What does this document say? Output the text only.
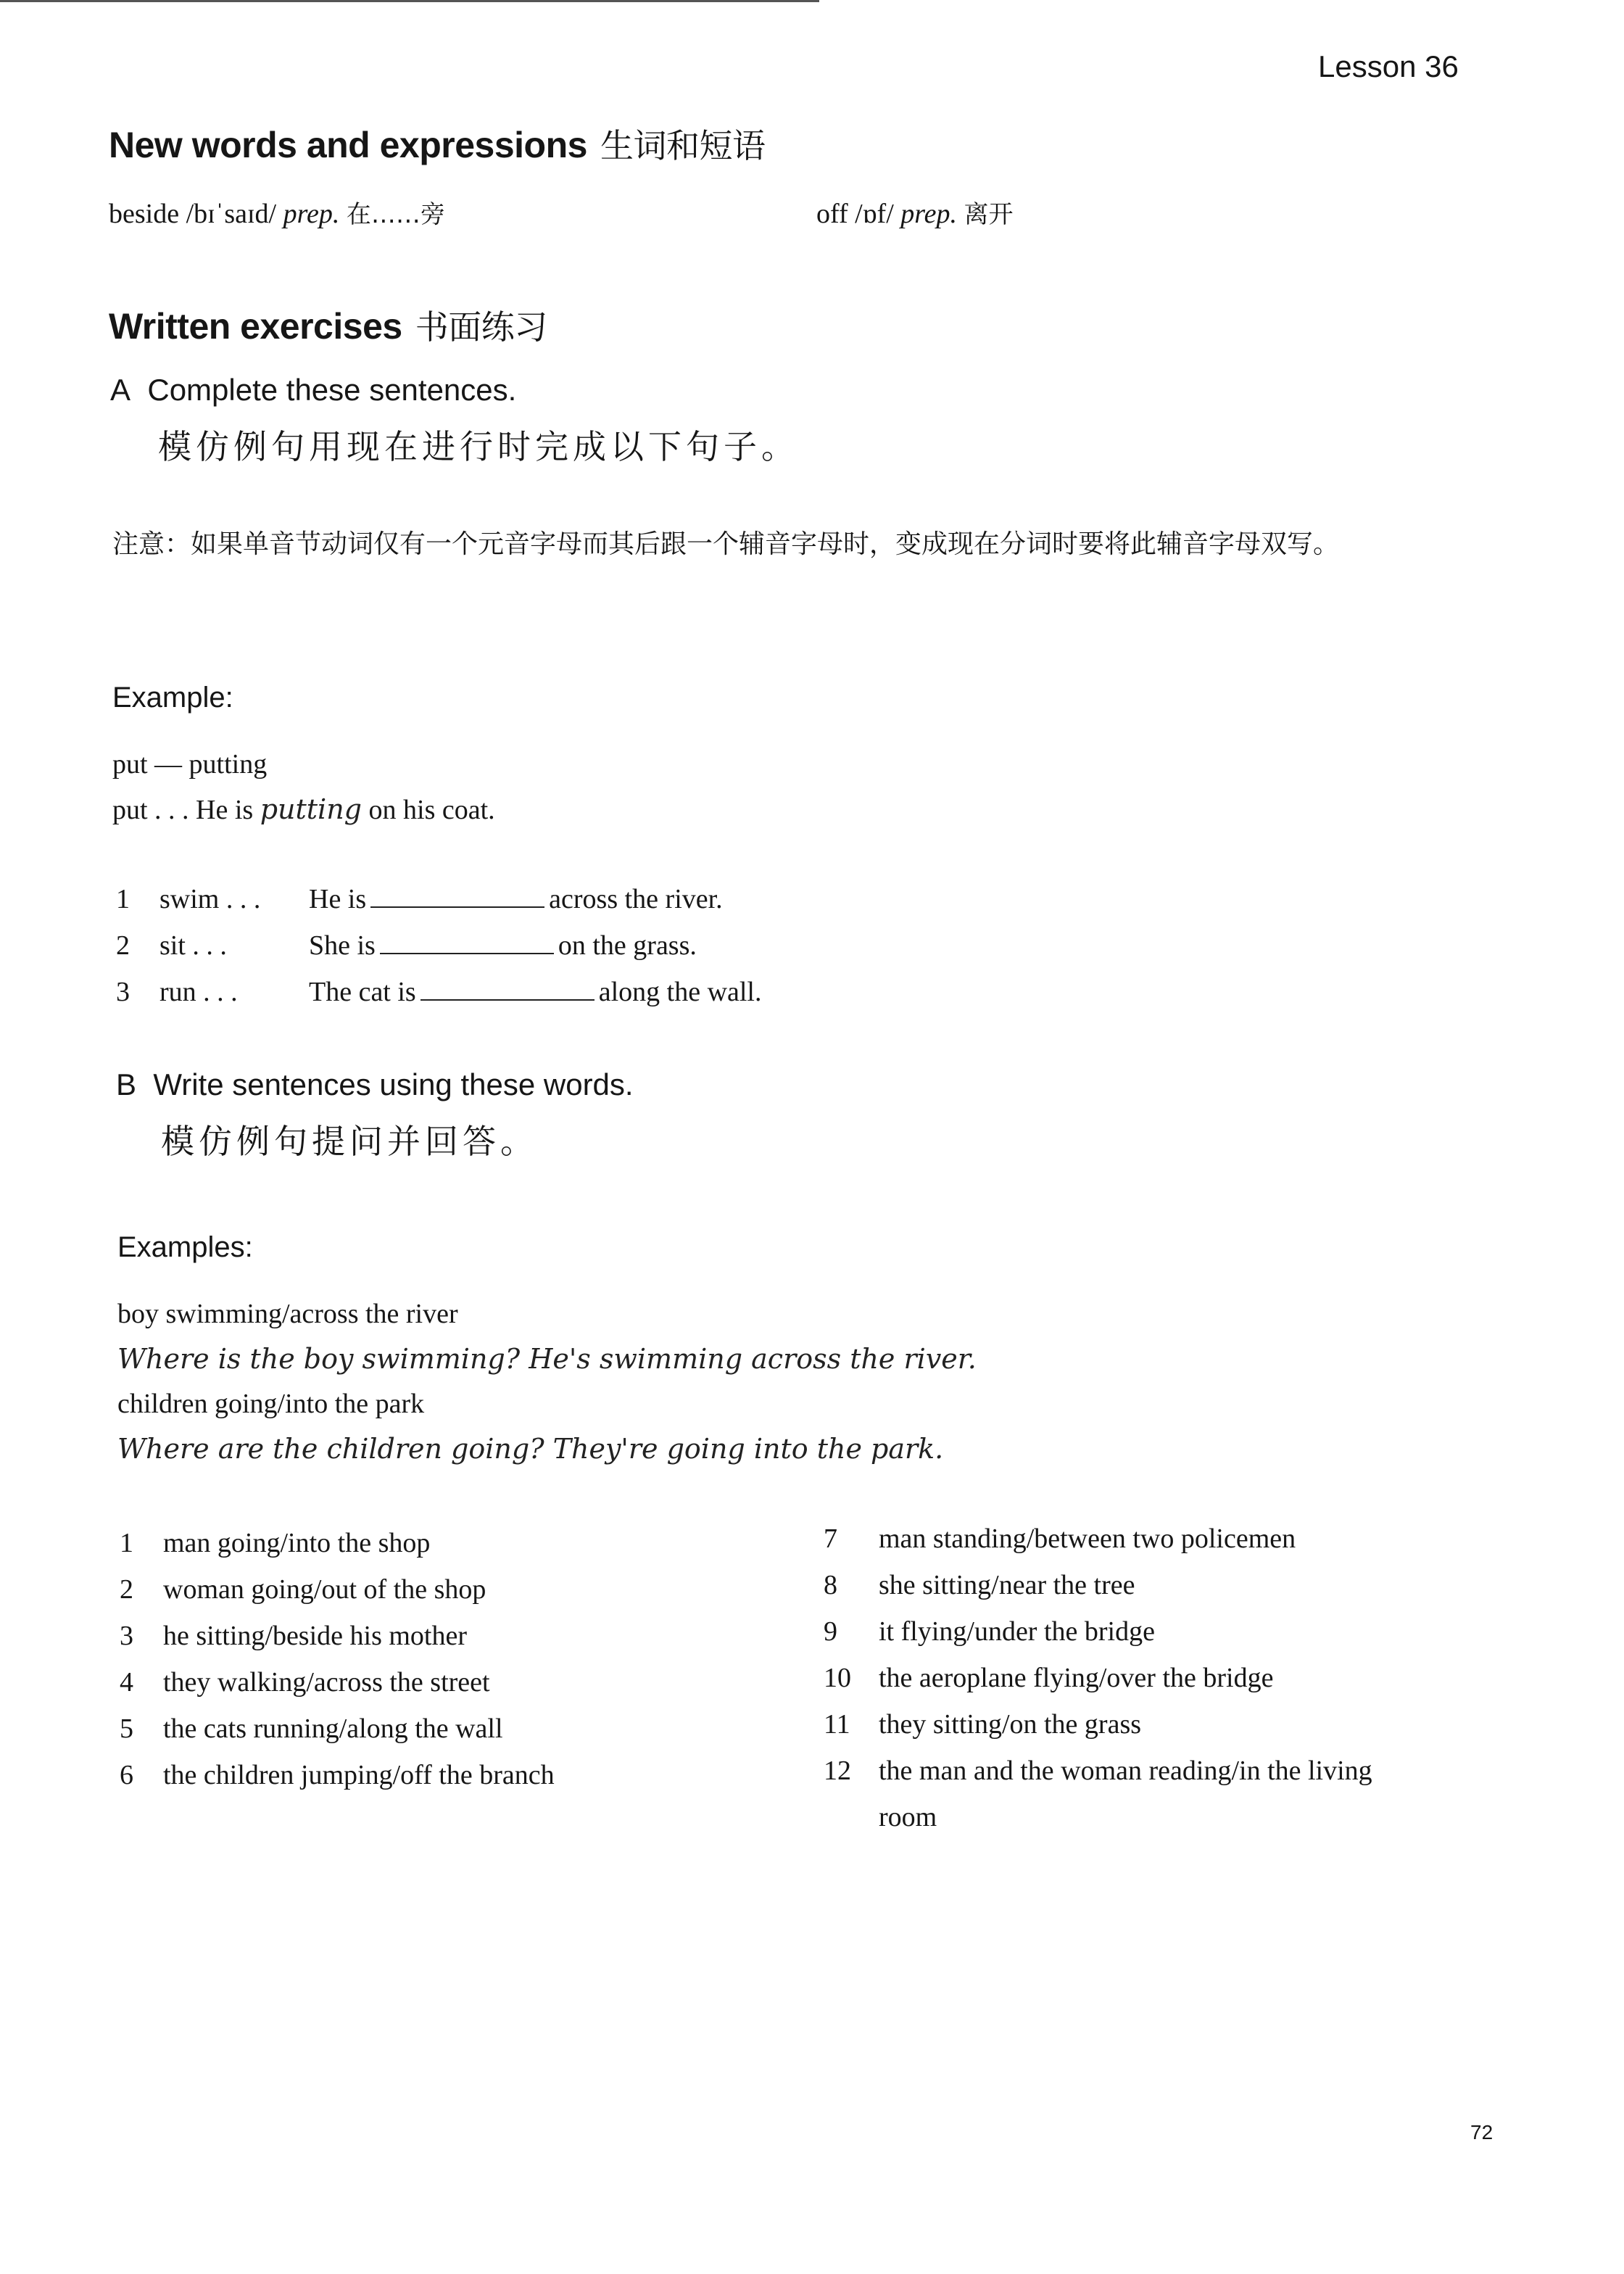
Lesson 36
New words and expressions 生词和短语
beside /bɪˈsaɪd/ prep. 在……旁	off /ɒf/ prep. 离开
Written exercises 书面练习
A Complete these sentences.
模仿例句用现在进行时完成以下句子。
注意：如果单音节动词仅有一个元音字母而其后跟一个辅音字母时，变成现在分词时要将此辅音字母双写。
Example:
put — putting
put . . . He is putting on his coat.
1 swim . . . He is	across the river.
2 sit . . .	She is	on the grass.
3 run . . .	The cat is	along the wall.
B Write sentences using these words.
模仿例句提问并回答。
Examples:
boy swimming/across the river
Where is the boy swimming? He's swimming across the river.
children going/into the park
Where are the children going? They're going into the park.
1 man going/into the shop
2 woman going/out of the shop
3 he sitting/beside his mother
4 they walking/across the street
5 the cats running/along the wall
6 the children jumping/off the branch
7 man standing/between two policemen
8 she sitting/near the tree
9 it flying/under the bridge
10 the aeroplane flying/over the bridge
11 they sitting/on the grass
12 the man and the woman reading/in the living
room
72
